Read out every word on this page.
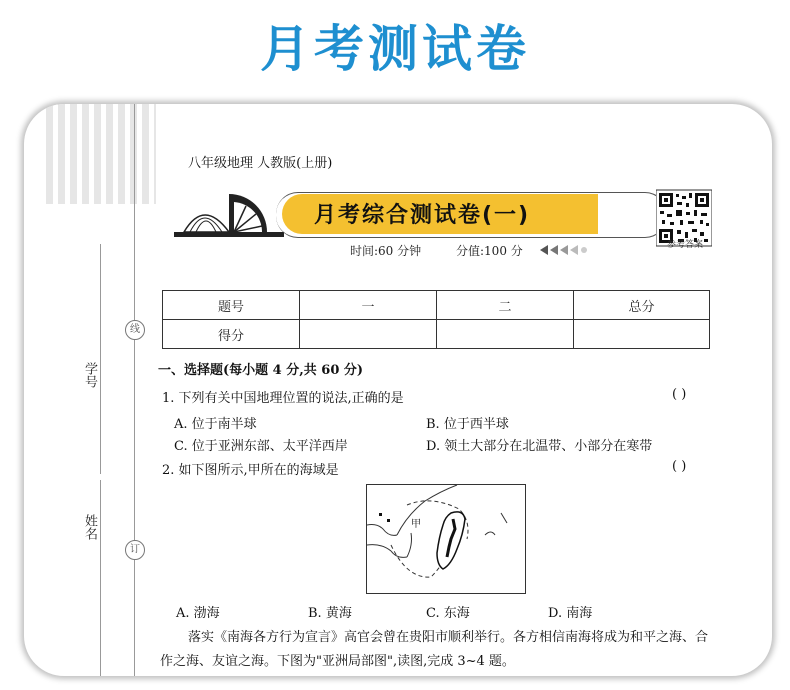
月考测试卷
学号
姓名
线
订
八年级地理 人教版(上册)
月考综合测试卷(一)
时间:60 分钟	分值:100 分	参考答案
题号	一	二	总分
得分			
一、选择题(每小题 4 分,共 60 分)
1. 下列有关中国地理位置的说法,正确的是	( )
A. 位于南半球	B. 位于西半球
C. 位于亚洲东部、太平洋西岸	D. 领土大部分在北温带、小部分在寒带
2. 如下图所示,甲所在的海域是	( )
甲
A. 渤海	B. 黄海	C. 东海	D. 南海
落实《南海各方行为宣言》高官会曾在贵阳市顺利举行。各方相信南海将成为和平之海、合
作之海、友谊之海。下图为"亚洲局部图",读图,完成 3~4 题。
